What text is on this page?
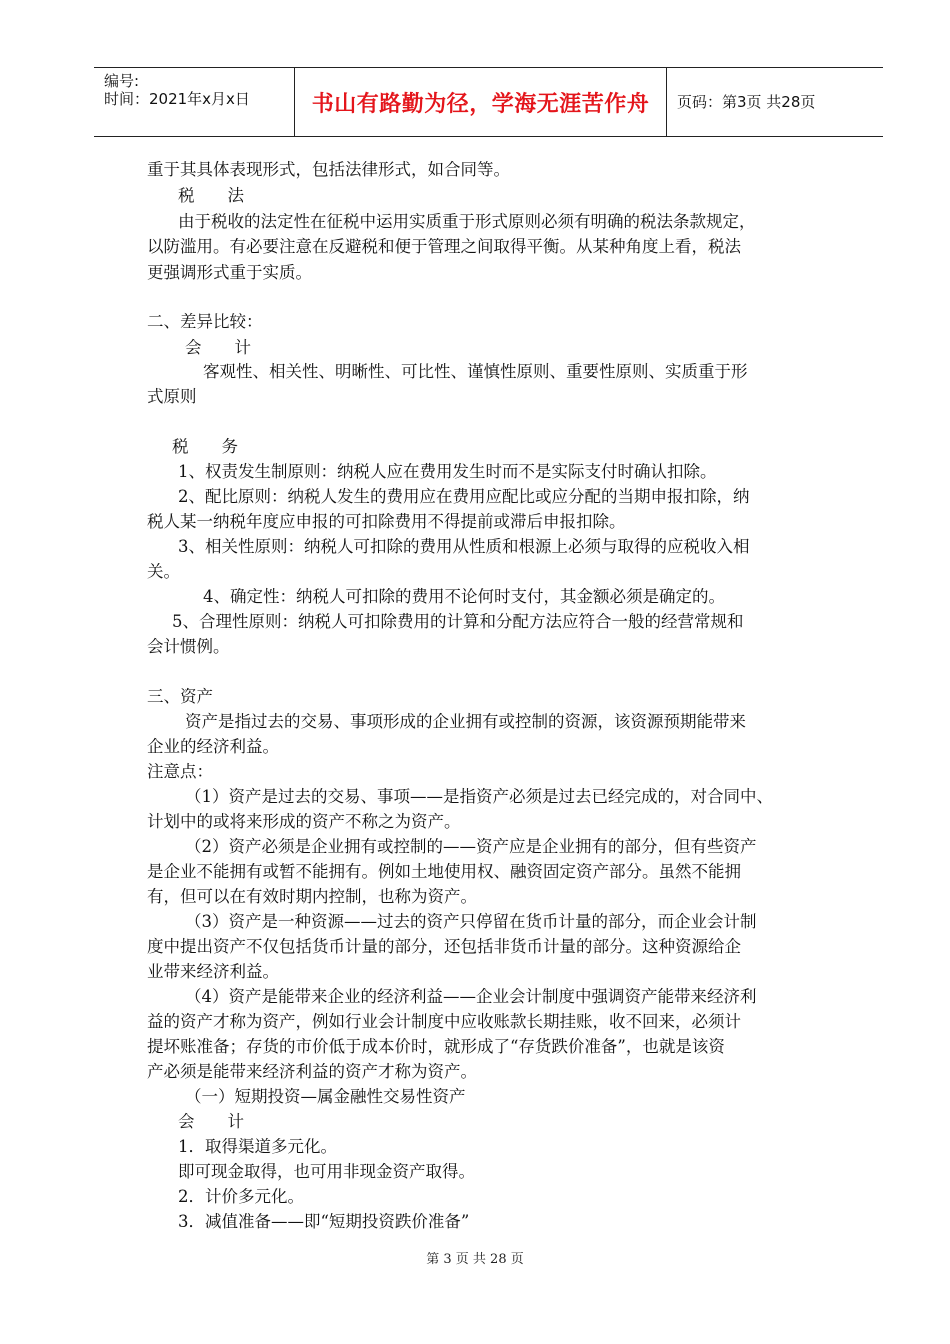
编号:
时间：2021年x月x日	书山有路勤为径，学海无涯苦作舟 页码：第3页 共28页
重于其具体表现形式，包括法律形式，如合同等。
税　　法
由于税收的法定性在征税中运用实质重于形式原则必须有明确的税法条款规定，
以防滥用。有必要注意在反避税和便于管理之间取得平衡。从某种角度上看，税法
更强调形式重于实质。
二、差异比较：
会　　计
客观性、相关性、明晰性、可比性、谨慎性原则、重要性原则、实质重于形
式原则
税　　务
1、权责发生制原则：纳税人应在费用发生时而不是实际支付时确认扣除。
2、配比原则：纳税人发生的费用应在费用应配比或应分配的当期申报扣除，纳
税人某一纳税年度应申报的可扣除费用不得提前或滞后申报扣除。
3、相关性原则：纳税人可扣除的费用从性质和根源上必须与取得的应税收入相
关。
4、确定性：纳税人可扣除的费用不论何时支付，其金额必须是确定的。
5、合理性原则：纳税人可扣除费用的计算和分配方法应符合一般的经营常规和
会计惯例。
三、资产
资产是指过去的交易、事项形成的企业拥有或控制的资源，该资源预期能带来
企业的经济利益。
注意点：
（1）资产是过去的交易、事项——是指资产必须是过去已经完成的，对合同中、
计划中的或将来形成的资产不称之为资产。
（2）资产必须是企业拥有或控制的——资产应是企业拥有的部分，但有些资产
是企业不能拥有或暂不能拥有。例如土地使用权、融资固定资产部分。虽然不能拥
有，但可以在有效时期内控制，也称为资产。
（3）资产是一种资源——过去的资产只停留在货币计量的部分，而企业会计制
度中提出资产不仅包括货币计量的部分，还包括非货币计量的部分。这种资源给企
业带来经济利益。
（4）资产是能带来企业的经济利益——企业会计制度中强调资产能带来经济利
益的资产才称为资产，例如行业会计制度中应收账款长期挂账，收不回来，必须计
提坏账准备；存货的市价低于成本价时，就形成了“存货跌价准备”，也就是该资
产必须是能带来经济利益的资产才称为资产。
（一）短期投资—属金融性交易性资产
会　　计
1．取得渠道多元化。
即可现金取得，也可用非现金资产取得。
2．计价多元化。
3．减值准备——即“短期投资跌价准备”
第 3 页 共 28 页
